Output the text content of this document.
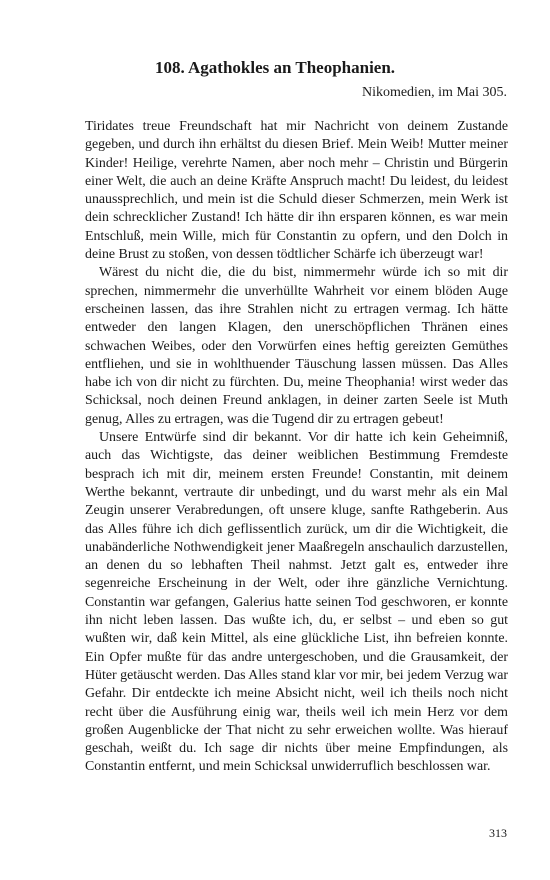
108. Agathokles an Theophanien.
Nikomedien, im Mai 305.

Tiridates treue Freundschaft hat mir Nachricht von deinem Zustande gegeben, und durch ihn erhältst du diesen Brief. Mein Weib! Mutter meiner Kinder! Heilige, verehrte Namen, aber noch mehr – Christin und Bürgerin einer Welt, die auch an deine Kräfte Anspruch macht! Du leidest, du leidest unaussprechlich, und mein ist die Schuld dieser Schmerzen, mein Werk ist dein schrecklicher Zustand! Ich hätte dir ihn ersparen können, es war mein Entschluß, mein Wille, mich für Constantin zu opfern, und den Dolch in deine Brust zu stoßen, von dessen tödtlicher Schärfe ich überzeugt war!

Wärest du nicht die, die du bist, nimmermehr würde ich so mit dir sprechen, nimmermehr die unverhüllte Wahrheit vor einem blöden Auge erscheinen lassen, das ihre Strahlen nicht zu ertragen vermag. Ich hätte entweder den langen Klagen, den unerschöpflichen Thränen eines schwachen Weibes, oder den Vorwürfen eines heftig gereizten Gemüthes entfliehen, und sie in wohlthuender Täuschung lassen müssen. Das Alles habe ich von dir nicht zu fürchten. Du, meine Theophania! wirst weder das Schicksal, noch deinen Freund anklagen, in deiner zarten Seele ist Muth genug, Alles zu ertragen, was die Tugend dir zu ertragen gebeut!

Unsere Entwürfe sind dir bekannt. Vor dir hatte ich kein Geheimniß, auch das Wichtigste, das deiner weiblichen Bestimmung Fremdeste besprach ich mit dir, meinem ersten Freunde! Constantin, mit deinem Werthe bekannt, vertraute dir unbedingt, und du warst mehr als ein Mal Zeugin unserer Verabredungen, oft unsere kluge, sanfte Rathgeberin. Aus das Alles führe ich dich geflissentlich zurück, um dir die Wichtigkeit, die unabänderliche Nothwendigkeit jener Maaßregeln anschaulich darzustellen, an denen du so lebhaften Theil nahmst. Jetzt galt es, entweder ihre segenreiche Erscheinung in der Welt, oder ihre gänzliche Vernichtung. Constantin war gefangen, Galerius hatte seinen Tod geschworen, er konnte ihn nicht leben lassen. Das wußte ich, du, er selbst – und eben so gut wußten wir, daß kein Mittel, als eine glückliche List, ihn befreien konnte. Ein Opfer mußte für das andre untergeschoben, und die Grausamkeit, der Hüter getäuscht werden. Das Alles stand klar vor mir, bei jedem Verzug war Gefahr. Dir entdeckte ich meine Absicht nicht, weil ich theils noch nicht recht über die Ausführung einig war, theils weil ich mein Herz vor dem großen Augenblicke der That nicht zu sehr erweichen wollte. Was hierauf geschah, weißt du. Ich sage dir nichts über meine Empfindungen, als Constantin entfernt, und mein Schicksal unwiderruflich beschlossen war.

313
